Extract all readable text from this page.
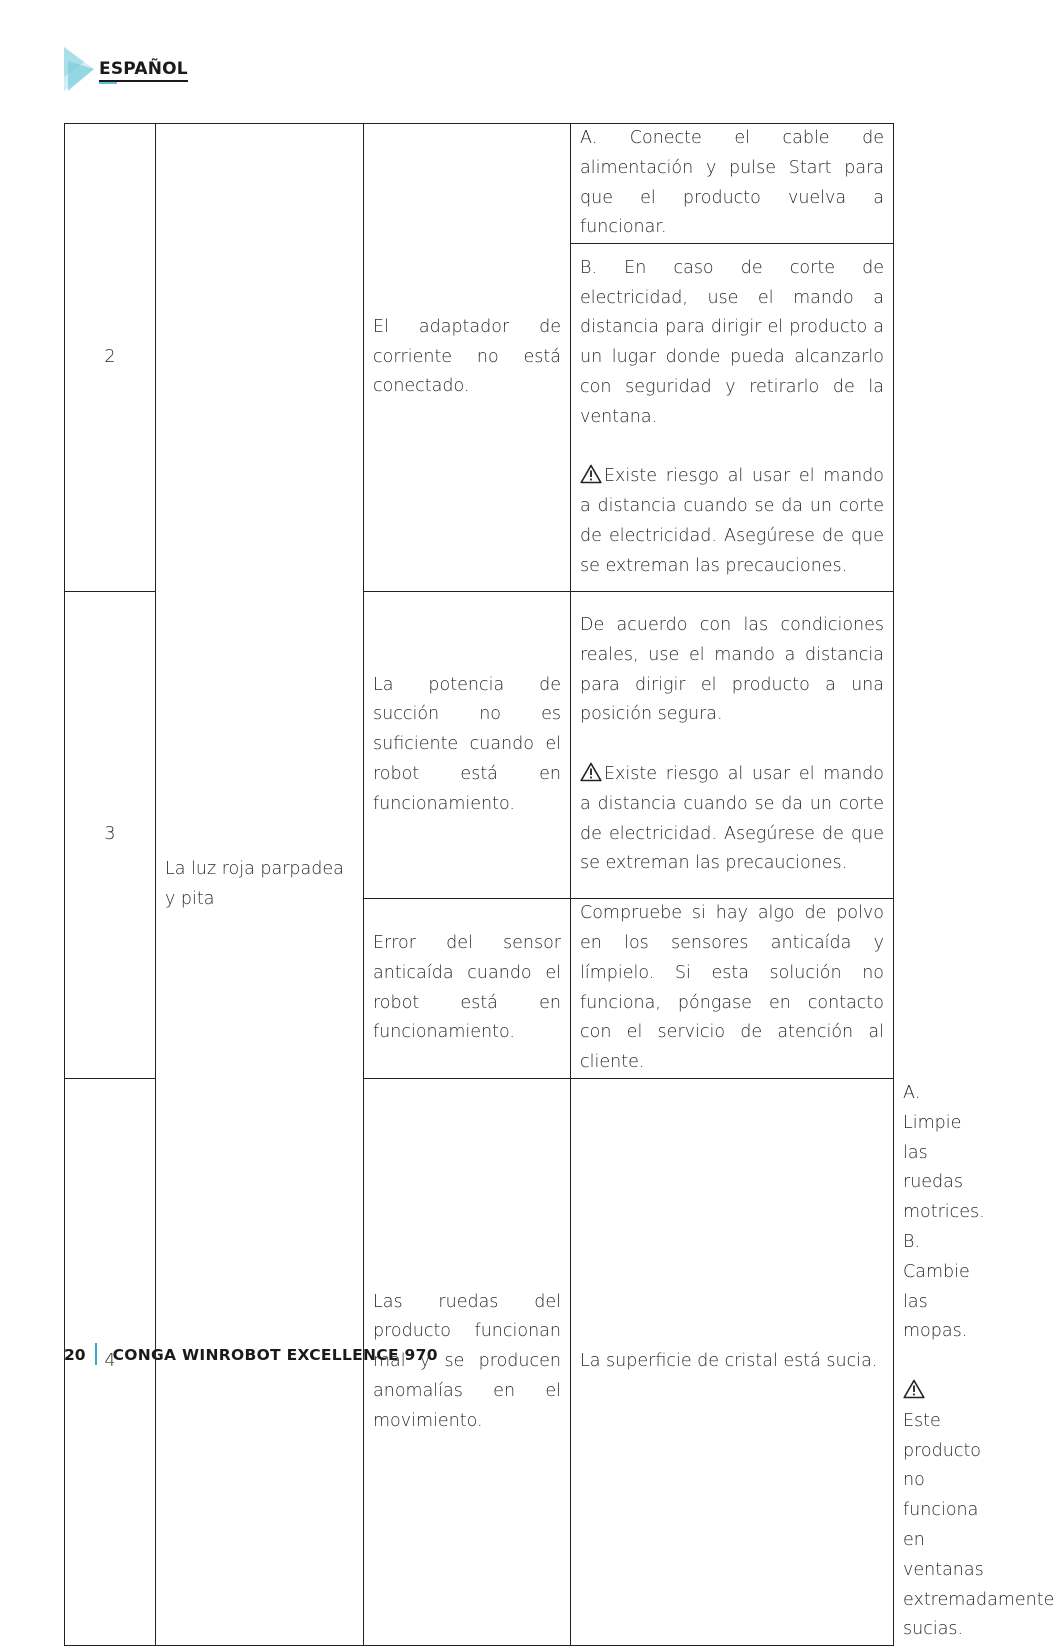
ESPAÑOL
2	La luz roja parpadea y pita	El adaptador de corriente no está conectado.	A. Conecte el cable de alimentación y pulse Start para que el producto vuelva a funcionar.	

			B. En caso de corte de electricidad, use el mando a distancia para dirigir el producto a un lugar donde pueda alcanzarlo con seguridad y retirarlo de la ventana.
Existe riesgo al usar el mando a distancia cuando se da un corte de electricidad. Asegúrese de que se extreman las precauciones.	

3		La potencia de succión no es suficiente cuando el robot está en funcionamiento.	De acuerdo con las condiciones reales, use el mando a distancia para dirigir el producto a una posición segura.
Existe riesgo al usar el mando a distancia cuando se da un corte de electricidad. Asegúrese de que se extreman las precauciones.	

		Error del sensor anticaída cuando el robot está en funcionamiento.	Compruebe si hay algo de polvo en los sensores anticaída y límpielo. Si esta solución no funciona, póngase en contacto con el servicio de atención al cliente.	
4		Las ruedas del producto funcionan mal y se producen anomalías en el movimiento.	La superficie de cristal está sucia.	A. Limpie las ruedas motrices.
B. Cambie las mopas.
Este producto no funciona en ventanas extremadamente sucias.
20 CONGA WINROBOT EXCELLENCE 970
